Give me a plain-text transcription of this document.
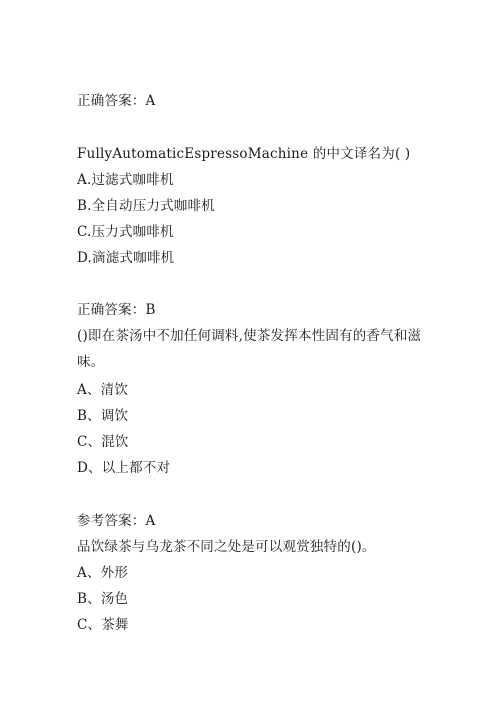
正确答案：A
FullyAutomaticEspressoMachine 的中文译名为( )
A.过滤式咖啡机
B.全自动压力式咖啡机
C.压力式咖啡机
D.滴滤式咖啡机
正确答案：B
()即在茶汤中不加任何调料,使茶发挥本性固有的香气和滋味。
A、清饮
B、调饮
C、混饮
D、以上都不对
参考答案：A
品饮绿茶与乌龙茶不同之处是可以观赏独特的()。
A、外形
B、汤色
C、茶舞
